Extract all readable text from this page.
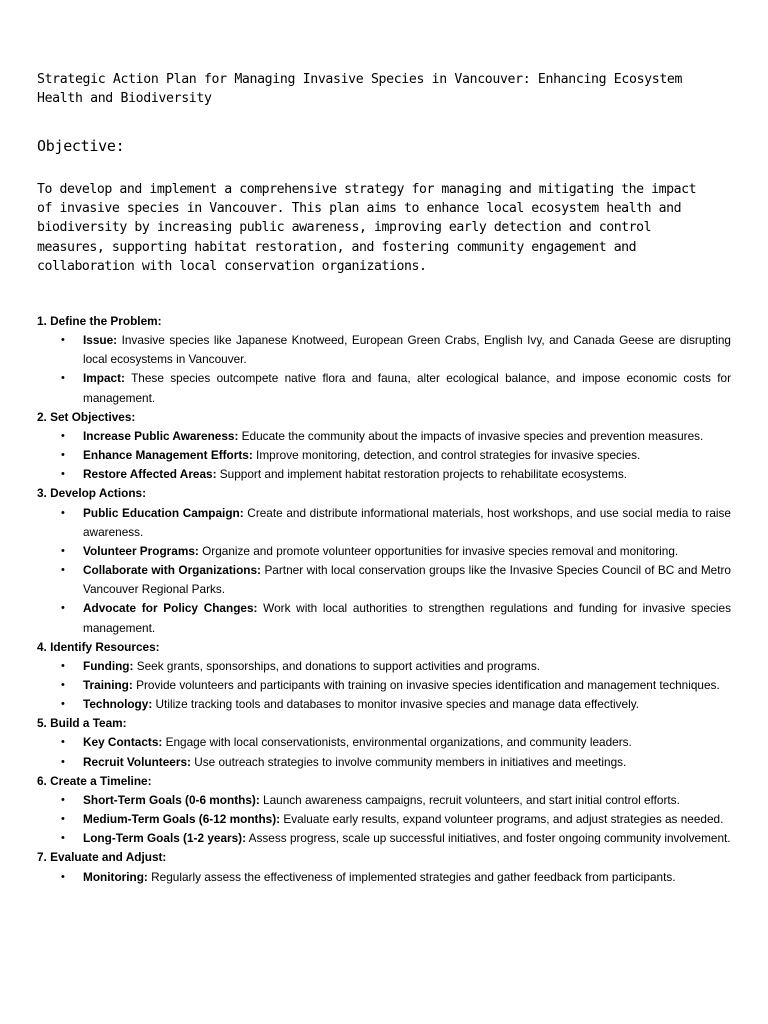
Strategic Action Plan for Managing Invasive Species in Vancouver: Enhancing Ecosystem
Health and Biodiversity
Objective:
To develop and implement a comprehensive strategy for managing and mitigating the impact
of invasive species in Vancouver. This plan aims to enhance local ecosystem health and
biodiversity by increasing public awareness, improving early detection and control
measures, supporting habitat restoration, and fostering community engagement and
collaboration with local conservation organizations.
1. Define the Problem:
• Issue: Invasive species like Japanese Knotweed, European Green Crabs, English Ivy, and Canada Geese are disrupting local ecosystems in Vancouver.
• Impact: These species outcompete native flora and fauna, alter ecological balance, and impose economic costs for management.
2. Set Objectives:
• Increase Public Awareness: Educate the community about the impacts of invasive species and prevention measures.
• Enhance Management Efforts: Improve monitoring, detection, and control strategies for invasive species.
• Restore Affected Areas: Support and implement habitat restoration projects to rehabilitate ecosystems.
3. Develop Actions:
• Public Education Campaign: Create and distribute informational materials, host workshops, and use social media to raise awareness.
• Volunteer Programs: Organize and promote volunteer opportunities for invasive species removal and monitoring.
• Collaborate with Organizations: Partner with local conservation groups like the Invasive Species Council of BC and Metro Vancouver Regional Parks.
• Advocate for Policy Changes: Work with local authorities to strengthen regulations and funding for invasive species management.
4. Identify Resources:
• Funding: Seek grants, sponsorships, and donations to support activities and programs.
• Training: Provide volunteers and participants with training on invasive species identification and management techniques.
• Technology: Utilize tracking tools and databases to monitor invasive species and manage data effectively.
5. Build a Team:
• Key Contacts: Engage with local conservationists, environmental organizations, and community leaders.
• Recruit Volunteers: Use outreach strategies to involve community members in initiatives and meetings.
6. Create a Timeline:
• Short-Term Goals (0-6 months): Launch awareness campaigns, recruit volunteers, and start initial control efforts.
• Medium-Term Goals (6-12 months): Evaluate early results, expand volunteer programs, and adjust strategies as needed.
• Long-Term Goals (1-2 years): Assess progress, scale up successful initiatives, and foster ongoing community involvement.
7. Evaluate and Adjust:
• Monitoring: Regularly assess the effectiveness of implemented strategies and gather feedback from participants.
